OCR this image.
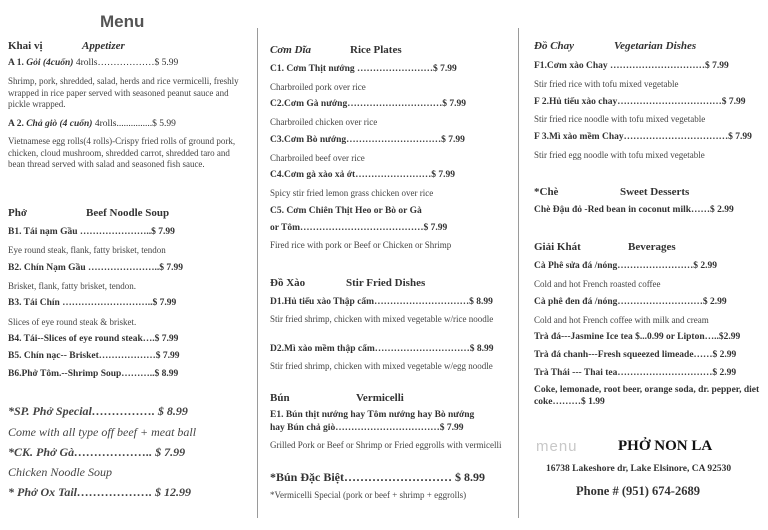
Menu
Khai vị	Appetizer
A 1. Gỏi (4cuốn) 4rolls………………$ 5.99
Shrimp, pork, shredded, salad, herds and rice vermicelli, freshly wrapped in rice paper served with seasoned peanut sauce and pickle wrapped.
A 2. Chả giò (4 cuốn) 4rolls...............$ 5.99
Vietnamese egg rolls(4 rolls)-Crispy fried rolls of ground pork, chicken, cloud mushroom, shredded carrot, shredded taro and bean thread served with salad and seasoned fish sauce.
Phở	Beef Noodle Soup
B1. Tái nạm Gầu …………………..$ 7.99
Eye round steak, flank, fatty brisket, tendon
B2. Chín Nạm Gầu …………………..$ 7.99
Brisket, flank, fatty brisket, tendon.
B3. Tái Chín ………………………..$ 7.99
Slices of eye round steak & brisket.
B4. Tái--Slices of eye round steak….$ 7.99
B5. Chín nạc-- Brisket………………$ 7.99
B6.Phở Tôm.--Shrimp Soup………..$ 8.99
*SP. Phở Special……………. $ 8.99
Come with all type off beef + meat ball
*CK. Phở Gà……………….. $ 7.99
Chicken Noodle Soup
* Phở Ox Tail………………. $ 12.99
Cơm Dĩa	Rice Plates
C1. Cơm Thịt nướng ……………………$ 7.99
Charbroiled pork over rice
C2.Cơm Gà nướng…………………………$ 7.99
Charbroiled chicken over rice
C3.Cơm Bò nướng…………………………$ 7.99
Charbroiled beef over rice
C4.Cơm gà xào xả ớt……………………$ 7.99
Spicy stir fried lemon grass chicken over rice
C5. Cơm Chiên Thịt Heo or Bò or Gà
or Tôm…………………………………$ 7.99
Fired rice with pork or Beef or Chicken or Shrimp
Đồ Xào	Stir Fried Dishes
D1.Hủ tiếu xào Thập cẩm…………………………$ 8.99
Stir fried shrimp, chicken with mixed vegetable w/rice noodle
D2.Mì xào mềm thập cẩm…………………………$ 8.99
Stir fried shrimp, chicken with mixed vegetable w/egg noodle
Bún	Vermicelli
E1. Bún thịt nướng hay Tôm nướng hay Bò nướng
hay Bún chả giò……………………………$ 7.99
Grilled Pork or Beef or Shrimp or Fried eggrolls with vermicelli
*Bún Đặc Biệt……………………… $ 8.99
*Vermicelli Special (pork or beef + shrimp + eggrolls)
Đồ Chay	Vegetarian Dishes
F1.Cơm xào Chay …………………………$ 7.99
Stir fried rice with tofu mixed vegetable
F 2.Hủ tiếu xào chay……………………………$ 7.99
Stir fried rice noodle with tofu mixed vegetable
F 3.Mì xào mềm Chay……………………………$ 7.99
Stir fried egg noodle with tofu mixed vegetable
*Chè	Sweet Desserts
Chè Đậu đỏ -Red bean in coconut milk……$ 2.99
Giải Khát	Beverages
Cà Phê sửa đá /nóng……………………$ 2.99
Cold and hot French roasted coffee
Cà phê đen đá /nóng………………………$ 2.99
Cold and hot French coffee with milk and cream
Trà đá---Jasmine Ice tea $...0.99 or Lipton…..$2.99
Trà đá chanh---Fresh squeezed limeade……$ 2.99
Trà Thái --- Thai tea…………………………$ 2.99
Coke, lemonade, root beer, orange soda, dr. pepper, diet coke………$ 1.99
menu	PHỞ NON LA
16738 Lakeshore dr, Lake Elsinore, CA 92530
Phone # (951) 674-2689
